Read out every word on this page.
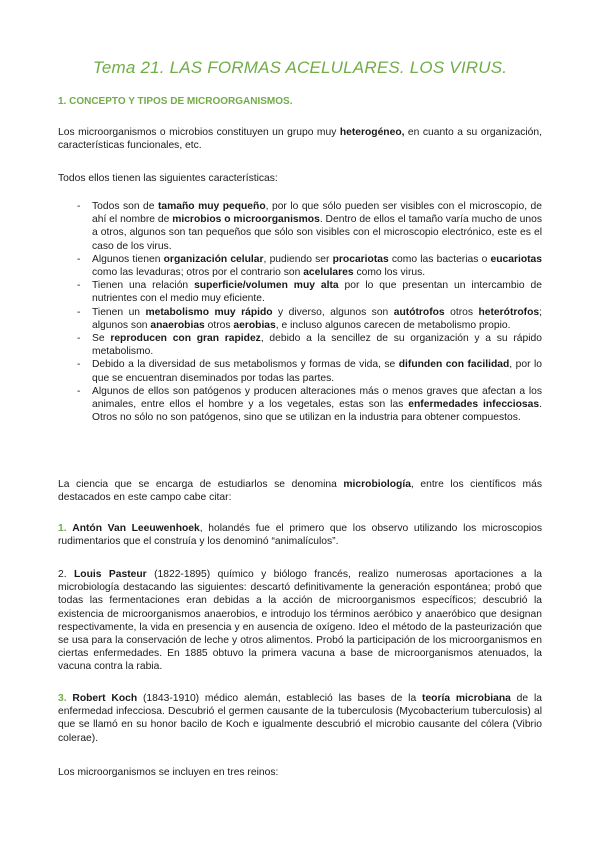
Tema 21. LAS FORMAS ACELULARES. LOS VIRUS.
1. CONCEPTO Y TIPOS DE MICROORGANISMOS.

Los microorganismos o microbios constituyen un grupo muy heterogéneo, en cuanto a su organización, características funcionales, etc.

Todos ellos tienen las siguientes características:

- Todos son de tamaño muy pequeño, por lo que sólo pueden ser visibles con el microscopio, de ahí el nombre de microbios o microorganismos. Dentro de ellos el tamaño varía mucho de unos a otros, algunos son tan pequeños que sólo son visibles con el microscopio electrónico, este es el caso de los virus.
- Algunos tienen organización celular, pudiendo ser procariotas como las bacterias o eucariotas como las levaduras; otros por el contrario son acelulares como los virus.
- Tienen una relación superficie/volumen muy alta por lo que presentan un intercambio de nutrientes con el medio muy eficiente.
- Tienen un metabolismo muy rápido y diverso, algunos son autótrofos otros heterótrofos; algunos son anaerobias otros aerobias, e incluso algunos carecen de metabolismo propio.
- Se reproducen con gran rapidez, debido a la sencillez de su organización y a su rápido metabolismo.
- Debido a la diversidad de sus metabolismos y formas de vida, se difunden con facilidad, por lo que se encuentran diseminados por todas las partes.
- Algunos de ellos son patógenos y producen alteraciones más o menos graves que afectan a los animales, entre ellos el hombre y a los vegetales, estas son las enfermedades infecciosas. Otros no sólo no son patógenos, sino que se utilizan en la industria para obtener compuestos.

La ciencia que se encarga de estudiarlos se denomina microbiología, entre los científicos más destacados en este campo cabe citar:

1. Antón Van Leeuwenhoek, holandés fue el primero que los observo utilizando los microscopios rudimentarios que el construía y los denominó “animalículos”.

2. Louis Pasteur (1822-1895) químico y biólogo francés, realizo numerosas aportaciones a la microbiología destacando las siguientes: descartó definitivamente la generación espontánea; probó que todas las fermentaciones eran debidas a la acción de microorganismos específicos; descubrió la existencia de microorganismos anaerobios, e introdujo los términos aeróbico y anaeróbico que designan respectivamente, la vida en presencia y en ausencia de oxígeno. Ideo el método de la pasteurización que se usa para la conservación de leche y otros alimentos. Probó la participación de los microorganismos en ciertas enfermedades. En 1885 obtuvo la primera vacuna a base de microorganismos atenuados, la vacuna contra la rabia.

3. Robert Koch (1843-1910) médico alemán, estableció las bases de la teoría microbiana de la enfermedad infecciosa. Descubrió el germen causante de la tuberculosis (Mycobacterium tuberculosis) al que se llamó en su honor bacilo de Koch e igualmente descubrió el microbio causante del cólera (Vibrio colerae).

Los microorganismos se incluyen en tres reinos:
